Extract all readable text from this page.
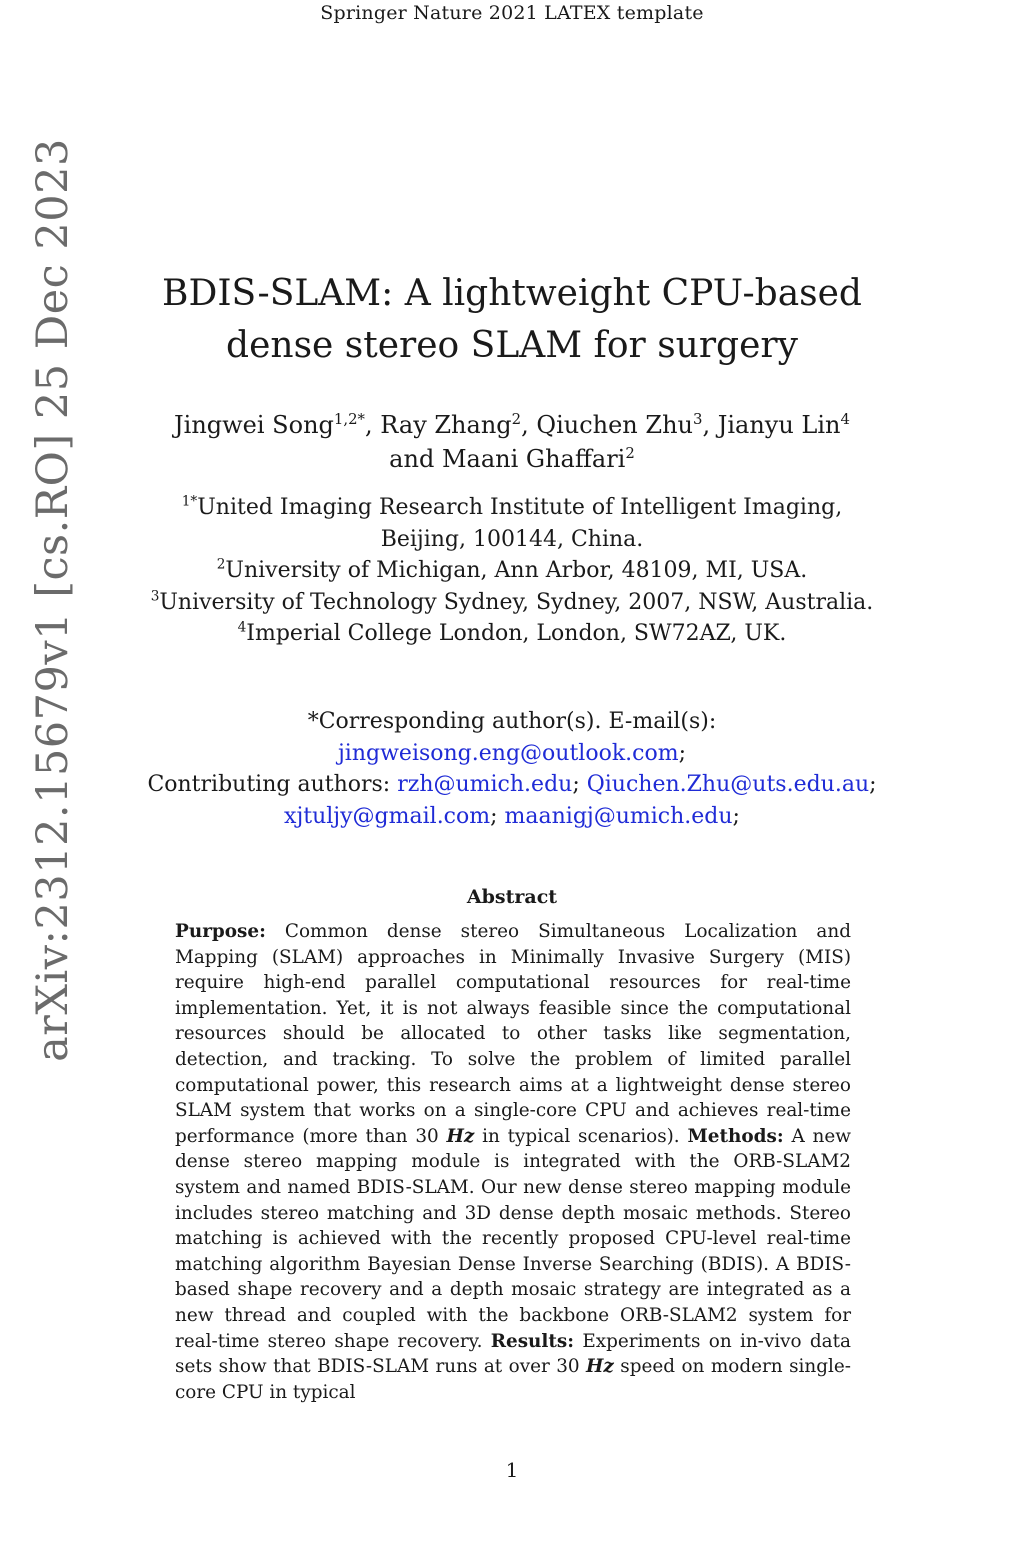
Springer Nature 2021 LATEX template
arXiv:2312.15679v1 [cs.RO] 25 Dec 2023	BDIS-SLAM: A lightweight CPU-based
dense stereo SLAM for surgery
Jingwei Song$^{1,2*}$, Ray Zhang$^2$, Qiuchen Zhu$^3$, Jianyu Lin$^4$
and Maani Ghaffari$^2$
$^{1*}$United Imaging Research Institute of Intelligent Imaging,
Beijing, 100144, China.
$^2$University of Michigan, Ann Arbor, 48109, MI, USA.
$^3$University of Technology Sydney, Sydney, 2007, NSW, Australia.
$^4$Imperial College London, London, SW72AZ, UK.
*Corresponding author(s). E-mail(s):
jingweisong.eng@outlook.com;
Contributing authors: rzh@umich.edu; Qiuchen.Zhu@uts.edu.au;
xjtuljy@gmail.com; maanigj@umich.edu;
Abstract
Purpose: Common dense stereo Simultaneous Localization and Mapping (SLAM) approaches in Minimally Invasive Surgery (MIS) require high-end parallel computational resources for real-time implementation. Yet, it is not always feasible since the computational resources should be allocated to other tasks like segmentation, detection, and tracking. To solve the problem of limited parallel computational power, this research aims at a lightweight dense stereo SLAM system that works on a single-core CPU and achieves real-time performance (more than 30 Hz in typical scenarios). Methods: A new dense stereo mapping module is integrated with the ORB-SLAM2 system and named BDIS-SLAM. Our new dense stereo mapping module includes stereo matching and 3D dense depth mosaic methods. Stereo matching is achieved with the recently proposed CPU-level real-time matching algorithm Bayesian Dense Inverse Searching (BDIS). A BDIS-based shape recovery and a depth mosaic strategy are integrated as a new thread and coupled with the backbone ORB-SLAM2 system for real-time stereo shape recovery. Results: Experiments on in-vivo data sets show that BDIS-SLAM runs at over 30 Hz speed on modern single-core CPU in typical
1
